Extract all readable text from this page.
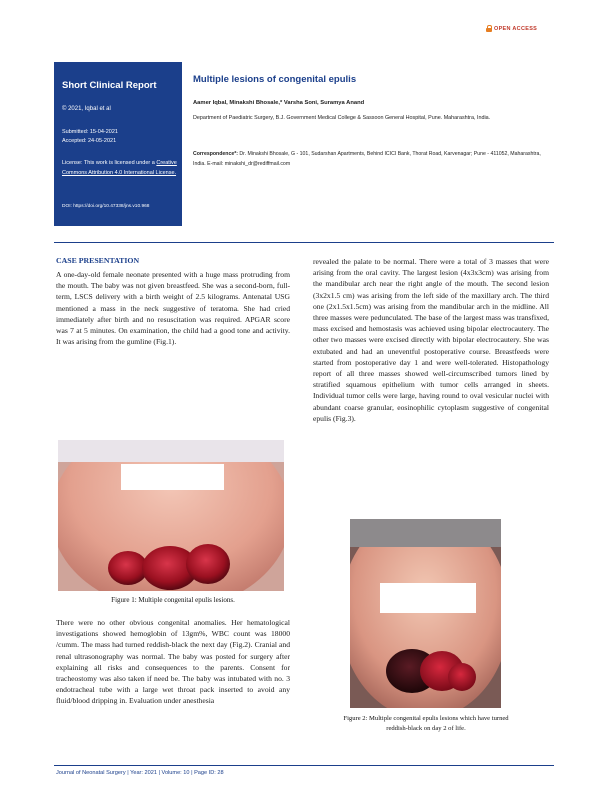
OPEN ACCESS
Short Clinical Report
© 2021, Iqbal et al
Submitted: 15-04-2021
Accepted: 24-05-2021
License: This work is licensed under a Creative Commons Attribution 4.0 International License.
DOI: https://doi.org/10.47338/jns.v10.968
Multiple lesions of congenital epulis
Aamer Iqbal, Minakshi Bhosale,* Varsha Soni, Suramya Anand
Department of Paediatric Surgery, B.J. Government Medical College & Sassoon General Hospital, Pune. Maharashtra, India.
Correspondence*: Dr. Minakshi Bhosale, G - 101, Sudarshan Apartments, Behind ICICI Bank, Thorat Road, Karvenagar; Pune - 411052, Maharashtra, India. E-mail: minakshi_dr@rediffmail.com
CASE PRESENTATION
A one-day-old female neonate presented with a huge mass protruding from the mouth. The baby was not given breastfeed. She was a second-born, full-term, LSCS delivery with a birth weight of 2.5 kilograms. Antenatal USG mentioned a mass in the neck suggestive of teratoma. She had cried immediately after birth and no resuscitation was required. APGAR score was 7 at 5 minutes. On examination, the child had a good tone and activity. It was arising from the gumline (Fig.1).
Figure 1: Multiple congenital epulis lesions.
There were no other obvious congenital anomalies. Her hematological investigations showed hemoglobin of 13gm%, WBC count was 18000 /cumm. The mass had turned reddish-black the next day (Fig.2). Cranial and renal ultrasonography was normal. The baby was posted for surgery after explaining all risks and consequences to the parents. Consent for tracheostomy was also taken if need be. The baby was intubated with no. 3 endotracheal tube with a large wet throat pack inserted to avoid any fluid/blood dripping in. Evaluation under anesthesia
revealed the palate to be normal. There were a total of 3 masses that were arising from the oral cavity. The largest lesion (4x3x3cm) was arising from the mandibular arch near the right angle of the mouth. The second lesion (3x2x1.5 cm) was arising from the left side of the maxillary arch. The third one (2x1.5x1.5cm) was arising from the mandibular arch in the midline. All three masses were pedunculated. The base of the largest mass was transfixed, mass excised and hemostasis was achieved using bipolar electrocautery. The other two masses were excised directly with bipolar electrocautery. She was extubated and had an uneventful postoperative course. Breastfeeds were started from postoperative day 1 and were well-tolerated. Histopathology report of all three masses showed well-circumscribed tumors lined by stratified squamous epithelium with tumor cells arranged in sheets. Individual tumor cells were large, having round to oval vesicular nuclei with abundant coarse granular, eosinophilic cytoplasm suggestive of congenital epulis (Fig.3).
Figure 2: Multiple congenital epulis lesions which have turned reddish-black on day 2 of life.
Journal of Neonatal Surgery | Year: 2021 | Volume: 10 | Page ID: 28
